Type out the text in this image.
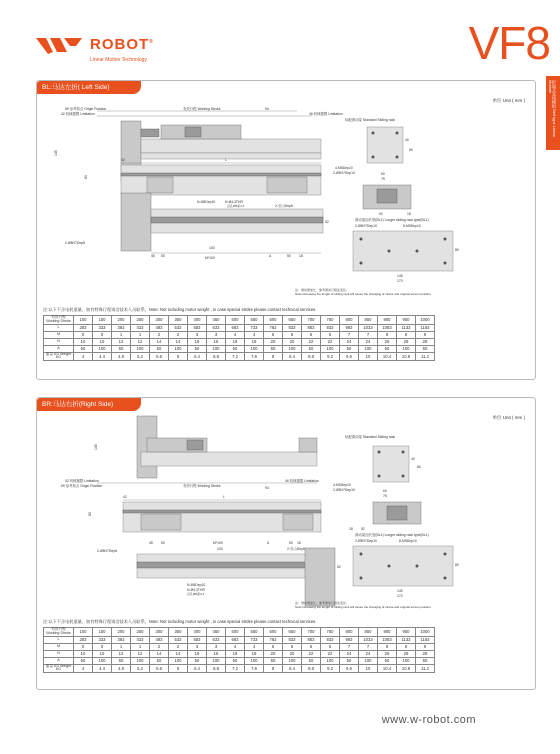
ROBOT®
Linear Motion Technology	VF8
折返式直线模组 Belt type Linear Module
BL:马达左折( Left Side)
单位 Unit ( mm )
69 参考原点 Origin Position
42 机械极限 Limitation
有效行程 Working Stroke
46 机械极限 Limitation
94
145
42	L
83
N-M5Dep10	N-Ø4.3THR
沉孔Ø8深4.4	2-引山Dep6
2-Ø8H7Dep8
45 50
100
M*100	A	50 18
52
标配滑动架 Standard Sliding rack
4-M5Dep10
2-Ø5H7Dep10	60
75
40
80
92	18
滑动架加长型(BL1) Longer sliding rack type(BL1)
2-Ø5H7Dep10	8-M5Dep10
80
145
170
注：滑动架加长，参考滑动行程处变化。
Note:Increasing the length of sliding rack will cause the changing of stroke and original screen position.
注:以下不含电机重量，如有特殊行程请洽技术人员联系。Note: Not including motor weight , in case special stroke please contact technical services.
有效行程 Working Stroke	100	150	200	250	300	350	400	450	500	550	600	650	700	750	800	850	900	950	1000
L	283	333	383	433	483	533	583	633	683	733	783	833	883	933	983	1033	1083	1133	1183
M	0	0	1	1	2	2	3	3	4	4	5	5	6	6	7	7	8	8	9
N	10	10	12	12	14	14	16	16	18	18	20	20	22	22	24	24	26	26	28
A	50	100	50	100	50	100	50	100	50	100	50	100	50	100	50	100	50	100	50
重量 KG Weight KG	4	4.4	4.8	5.2	5.6	6	6.4	6.8	7.2	7.6	8	8.4	8.8	9.2	9.6	10	10.4	10.8	11.2
BR:马达右折(Right Side)
单位 Unit ( mm )
145
42 机械极限 Limitation
69 参考原点 Origin Position	有效行程 Working Stroke
46 机械极限 Limitation
94
42	L
83
45 50	M*100
100
A	50 18
2-Ø8H7Dep8	2-引山Dep6
52
N-M5Dep10
N-Ø4.3THR
沉孔Ø8深4.4
标配滑动架 Standard Sliding rack
40
80
4-M5Dep10
2-Ø5H7Dep10	60
75
18 92
滑动架加长型(BL1) Longer sliding rack type(BL1)
2-Ø5H7Dep10	8-M5Dep10
80
145
170
注：滑动架加长，参考滑动行程处变化。
Note:Increasing the length of sliding rack will cause the changing of stroke and original screen position.
注:以下不含电机重量，如有特殊行程请洽技术人员联系。Note: Not including motor weight , in case special stroke please contact technical services.
有效行程 Working Stroke	100	150	200	250	300	350	400	450	500	550	600	650	700	750	800	850	900	950	1000
L	283	333	383	433	483	533	583	633	683	733	783	833	883	933	983	1033	1083	1133	1183
M	0	0	1	1	2	2	3	3	4	4	5	5	6	6	7	7	8	8	9
N	10	10	12	12	14	14	16	16	18	18	20	20	22	22	24	24	26	26	28
A	50	100	50	100	50	100	50	100	50	100	50	100	50	100	50	100	50	100	50
重量 KG Weight KG	4	4.4	4.8	5.2	5.6	6	6.4	6.8	7.2	7.6	8	8.4	8.8	9.2	9.6	10	10.4	10.8	11.2
www.w-robot.com
